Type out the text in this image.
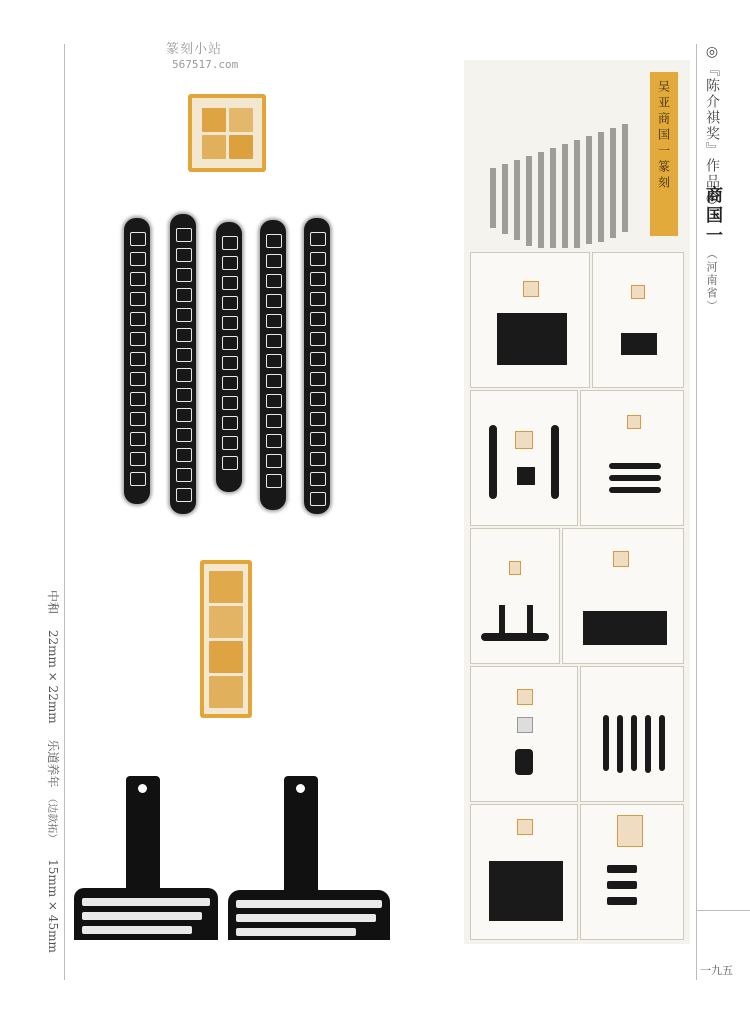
篆刻小站
567517.com
中和 22mm × 22mm 乐道养年 （边款拓） 15mm × 45mm
吴亚商国一篆刻 ◎『陈介祺奖』作品◎
商国一
（河南省）
一九五
